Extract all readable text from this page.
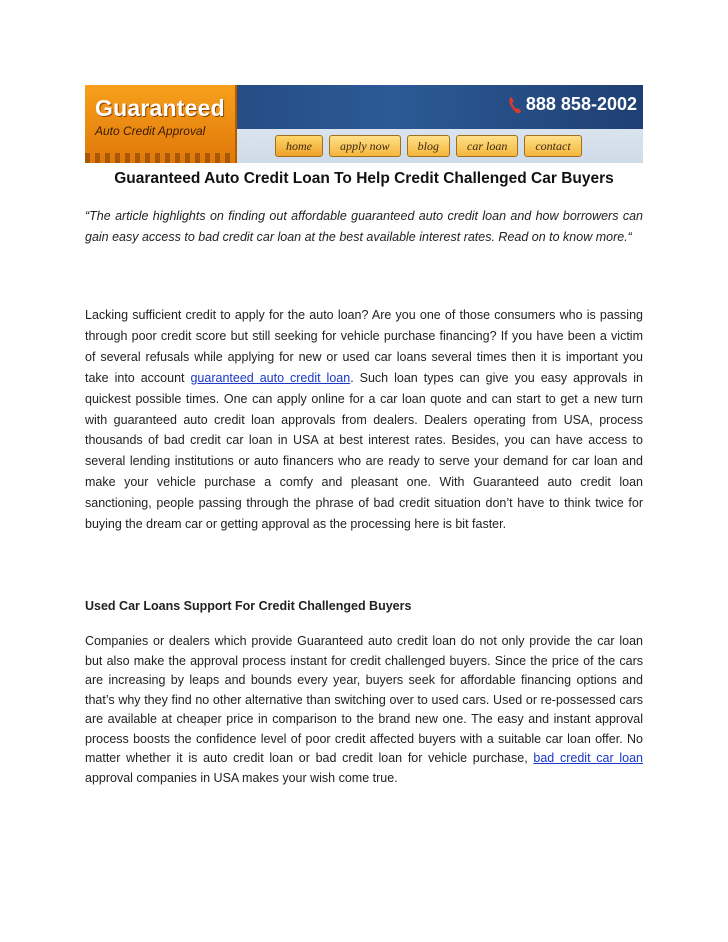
Guaranteed
Auto Credit Approval
888 858-2002
home	apply now	blog	car loan	contact
Guaranteed Auto Credit Loan To Help Credit Challenged Car Buyers

“The article highlights on finding out affordable guaranteed auto credit loan and how borrowers can gain easy access to bad credit car loan at the best available interest rates. Read on to know more.“

Lacking sufficient credit to apply for the auto loan? Are you one of those consumers who is passing through poor credit score but still seeking for vehicle purchase financing? If you have been a victim of several refusals while applying for new or used car loans several times then it is important you take into account guaranteed auto credit loan. Such loan types can give you easy approvals in quickest possible times. One can apply online for a car loan quote and can start to get a new turn with guaranteed auto credit loan approvals from dealers. Dealers operating from USA, process thousands of bad credit car loan in USA at best interest rates. Besides, you can have access to several lending institutions or auto financers who are ready to serve your demand for car loan and make your vehicle purchase a comfy and pleasant one. With Guaranteed auto credit loan sanctioning, people passing through the phrase of bad credit situation don’t have to think twice for buying the dream car or getting approval as the processing here is bit faster.

Used Car Loans Support For Credit Challenged Buyers

Companies or dealers which provide Guaranteed auto credit loan do not only provide the car loan but also make the approval process instant for credit challenged buyers. Since the price of the cars are increasing by leaps and bounds every year, buyers seek for affordable financing options and that’s why they find no other alternative than switching over to used cars. Used or re-possessed cars are available at cheaper price in comparison to the brand new one. The easy and instant approval process boosts the confidence level of poor credit affected buyers with a suitable car loan offer. No matter whether it is auto credit loan or bad credit loan for vehicle purchase, bad credit car loan approval companies in USA makes your wish come true.
